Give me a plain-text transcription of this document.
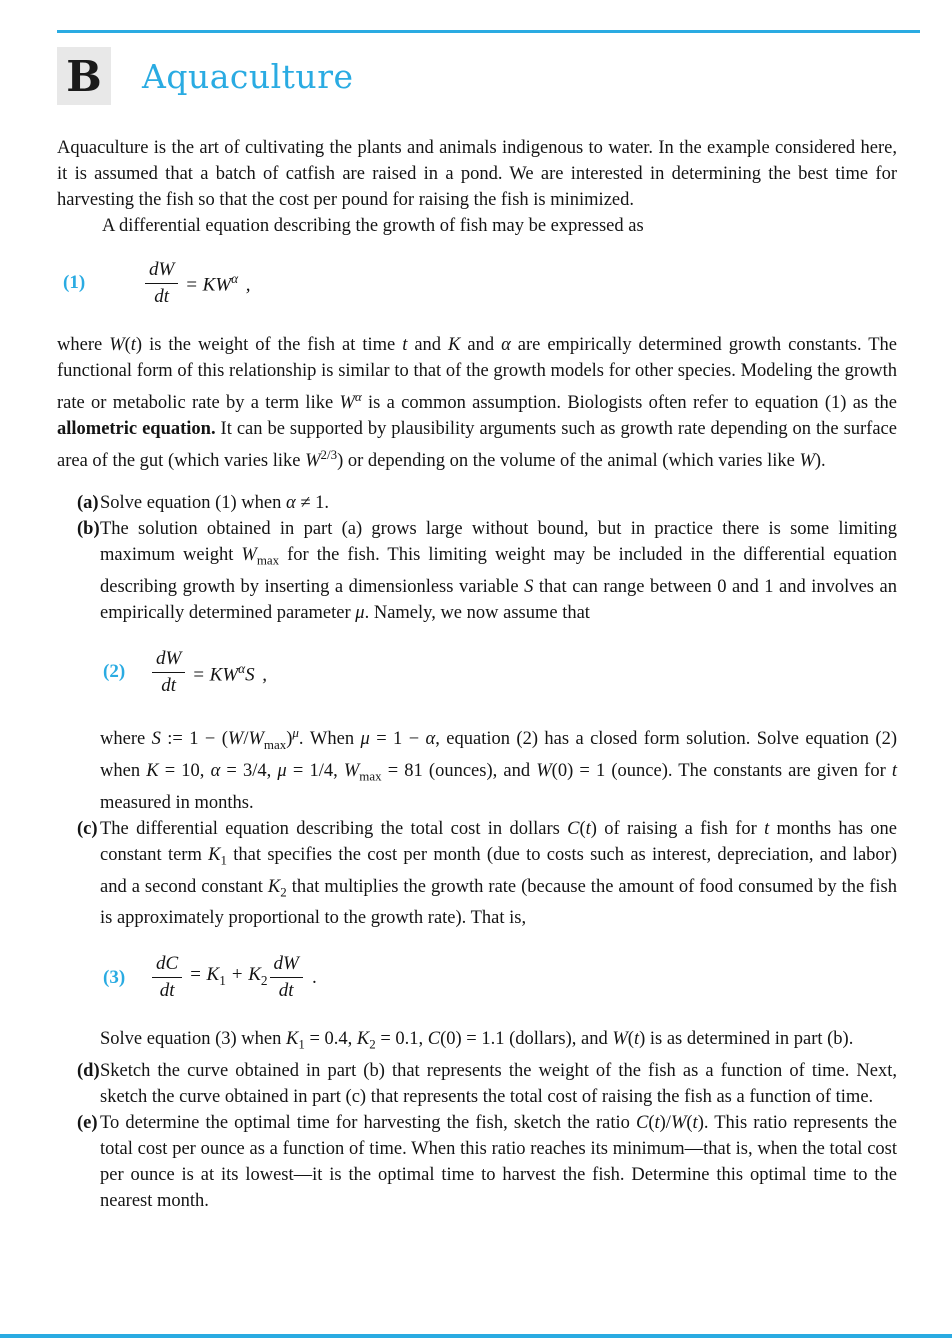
B Aquaculture

Aquaculture is the art of cultivating the plants and animals indigenous to water. In the example considered here, it is assumed that a batch of catfish are raised in a pond. We are interested in determining the best time for harvesting the fish so that the cost per pound for raising the fish is minimized.

A differential equation describing the growth of fish may be expressed as

(1)	$\frac{dW}{dt} = KW^\alpha$  ,

where W(t) is the weight of the fish at time t and K and α are empirically determined growth constants. The functional form of this relationship is similar to that of the growth models for other species. Modeling the growth rate or metabolic rate by a term like $W^\alpha$ is a common assumption. Biologists often refer to equation (1) as the allometric equation. It can be supported by plausibility arguments such as growth rate depending on the surface area of the gut (which varies like $W^{2/3}$) or depending on the volume of the animal (which varies like W).

(a) Solve equation (1) when α ≠ 1.

(b) The solution obtained in part (a) grows large without bound, but in practice there is some limiting maximum weight $W_{max}$ for the fish. This limiting weight may be included in the differential equation describing growth by inserting a dimensionless variable S that can range between 0 and 1 and involves an empirically determined parameter μ. Namely, we now assume that

(2)	$\frac{dW}{dt} = KW^\alpha S$  ,

where S := $1 - (W/W_{max})^\mu$. When μ = 1 − α, equation (2) has a closed form solution. Solve equation (2) when K = 10, α = 3/4, μ = 1/4, $W_{max} = 81$ (ounces), and W(0) = 1 (ounce). The constants are given for t measured in months.

(c) The differential equation describing the total cost in dollars C(t) of raising a fish for t months has one constant term $K_1$ that specifies the cost per month (due to costs such as interest, depreciation, and labor) and a second constant $K_2$ that multiplies the growth rate (because the amount of food consumed by the fish is approximately proportional to the growth rate). That is,

(3)	$\frac{dC}{dt} = K_1 + K_2 \frac{dW}{dt}$   .

Solve equation (3) when $K_1 = 0.4$, $K_2 = 0.1$, C(0) = 1.1 (dollars), and W(t) is as determined in part (b).

(d) Sketch the curve obtained in part (b) that represents the weight of the fish as a function of time. Next, sketch the curve obtained in part (c) that represents the total cost of raising the fish as a function of time.

(e) To determine the optimal time for harvesting the fish, sketch the ratio C(t)/W(t). This ratio represents the total cost per ounce as a function of time. When this ratio reaches its minimum—that is, when the total cost per ounce is at its lowest—it is the optimal time to harvest the fish. Determine this optimal time to the nearest month.
